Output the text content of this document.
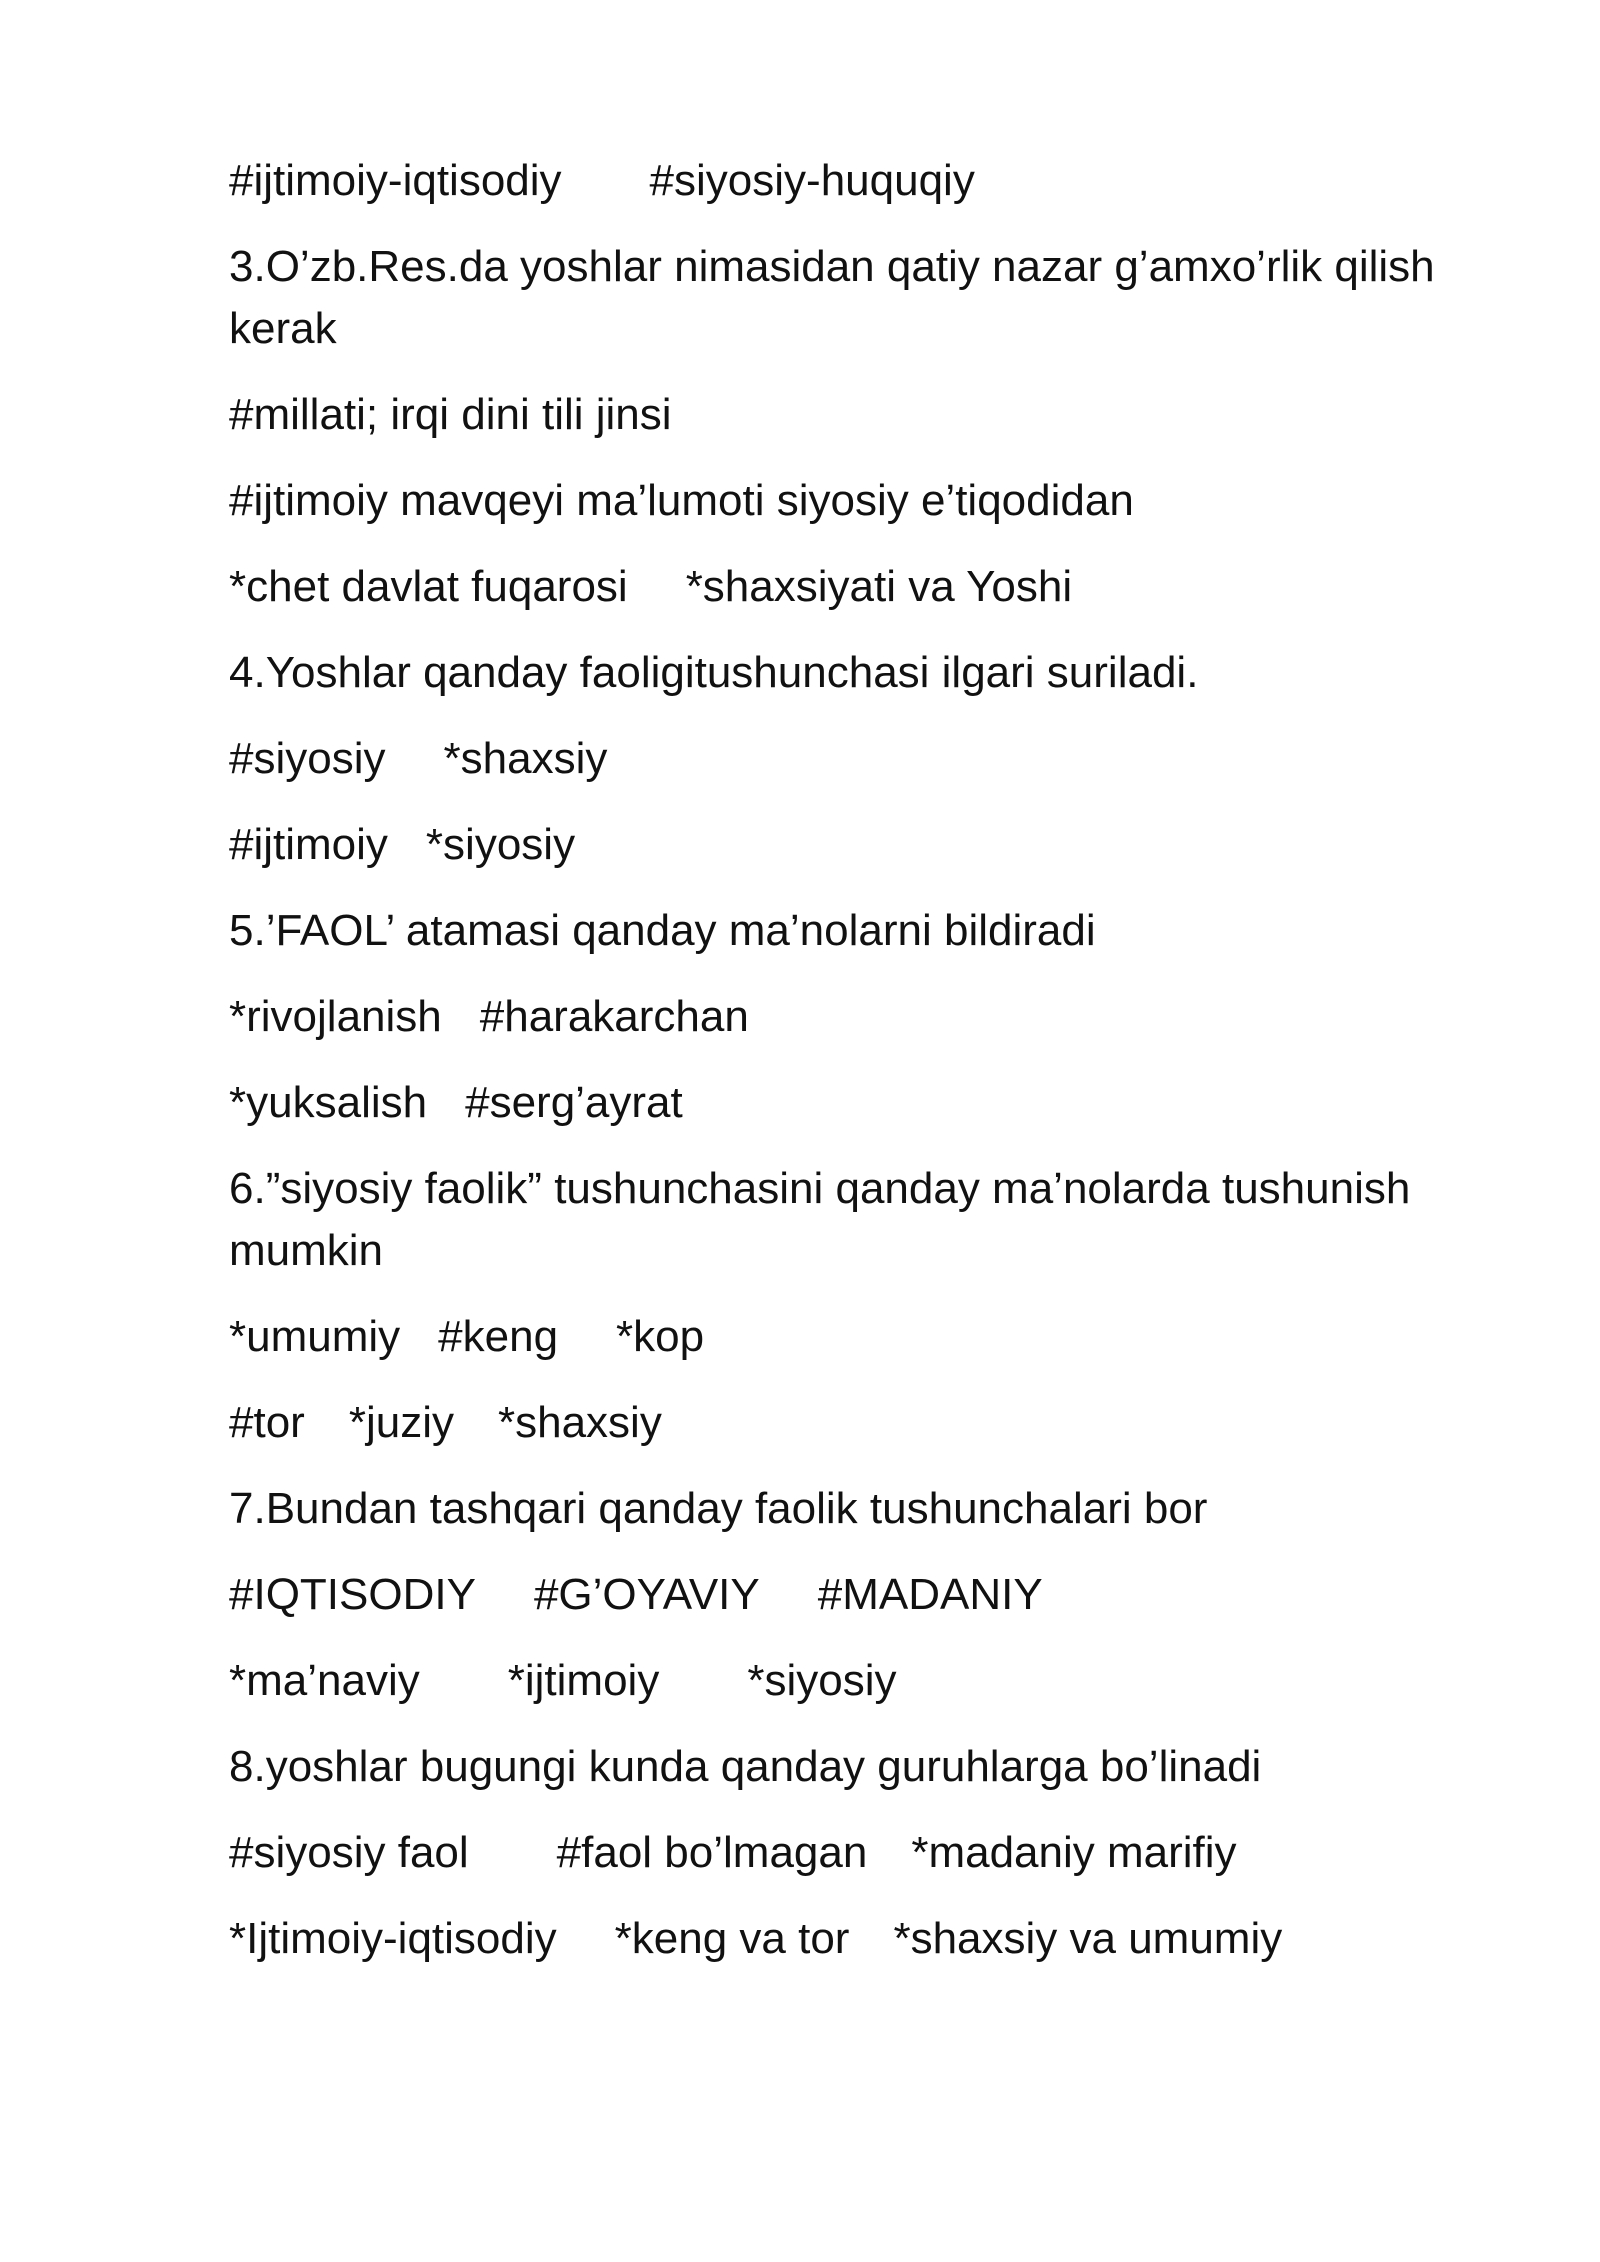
#ijtimoiy-iqtisodiy #siyosiy-huquqiy
3.O’zb.Res.da yoshlar nimasidan qatiy nazar g’amxo’rlik qilish kerak
#millati; irqi dini tili jinsi
#ijtimoiy mavqeyi ma’lumoti siyosiy e’tiqodidan
*chet davlat fuqarosi *shaxsiyati va Yoshi
4.Yoshlar qanday faoligitushunchasi ilgari suriladi.
#siyosiy *shaxsiy
#ijtimoiy *siyosiy
5.’FAOL’ atamasi qanday ma’nolarni bildiradi
*rivojlanish #harakarchan
*yuksalish #serg’ayrat
6.”siyosiy faolik” tushunchasini qanday ma’nolarda tushunish mumkin
*umumiy #keng *kop
#tor *juziy *shaxsiy
7.Bundan tashqari qanday faolik tushunchalari bor
#IQTISODIY #G’OYAVIY #MADANIY
*ma’naviy *ijtimoiy *siyosiy
8.yoshlar bugungi kunda qanday guruhlarga bo’linadi
#siyosiy faol #faol bo’lmagan *madaniy marifiy
*Ijtimoiy-iqtisodiy *keng va tor *shaxsiy va umumiy
